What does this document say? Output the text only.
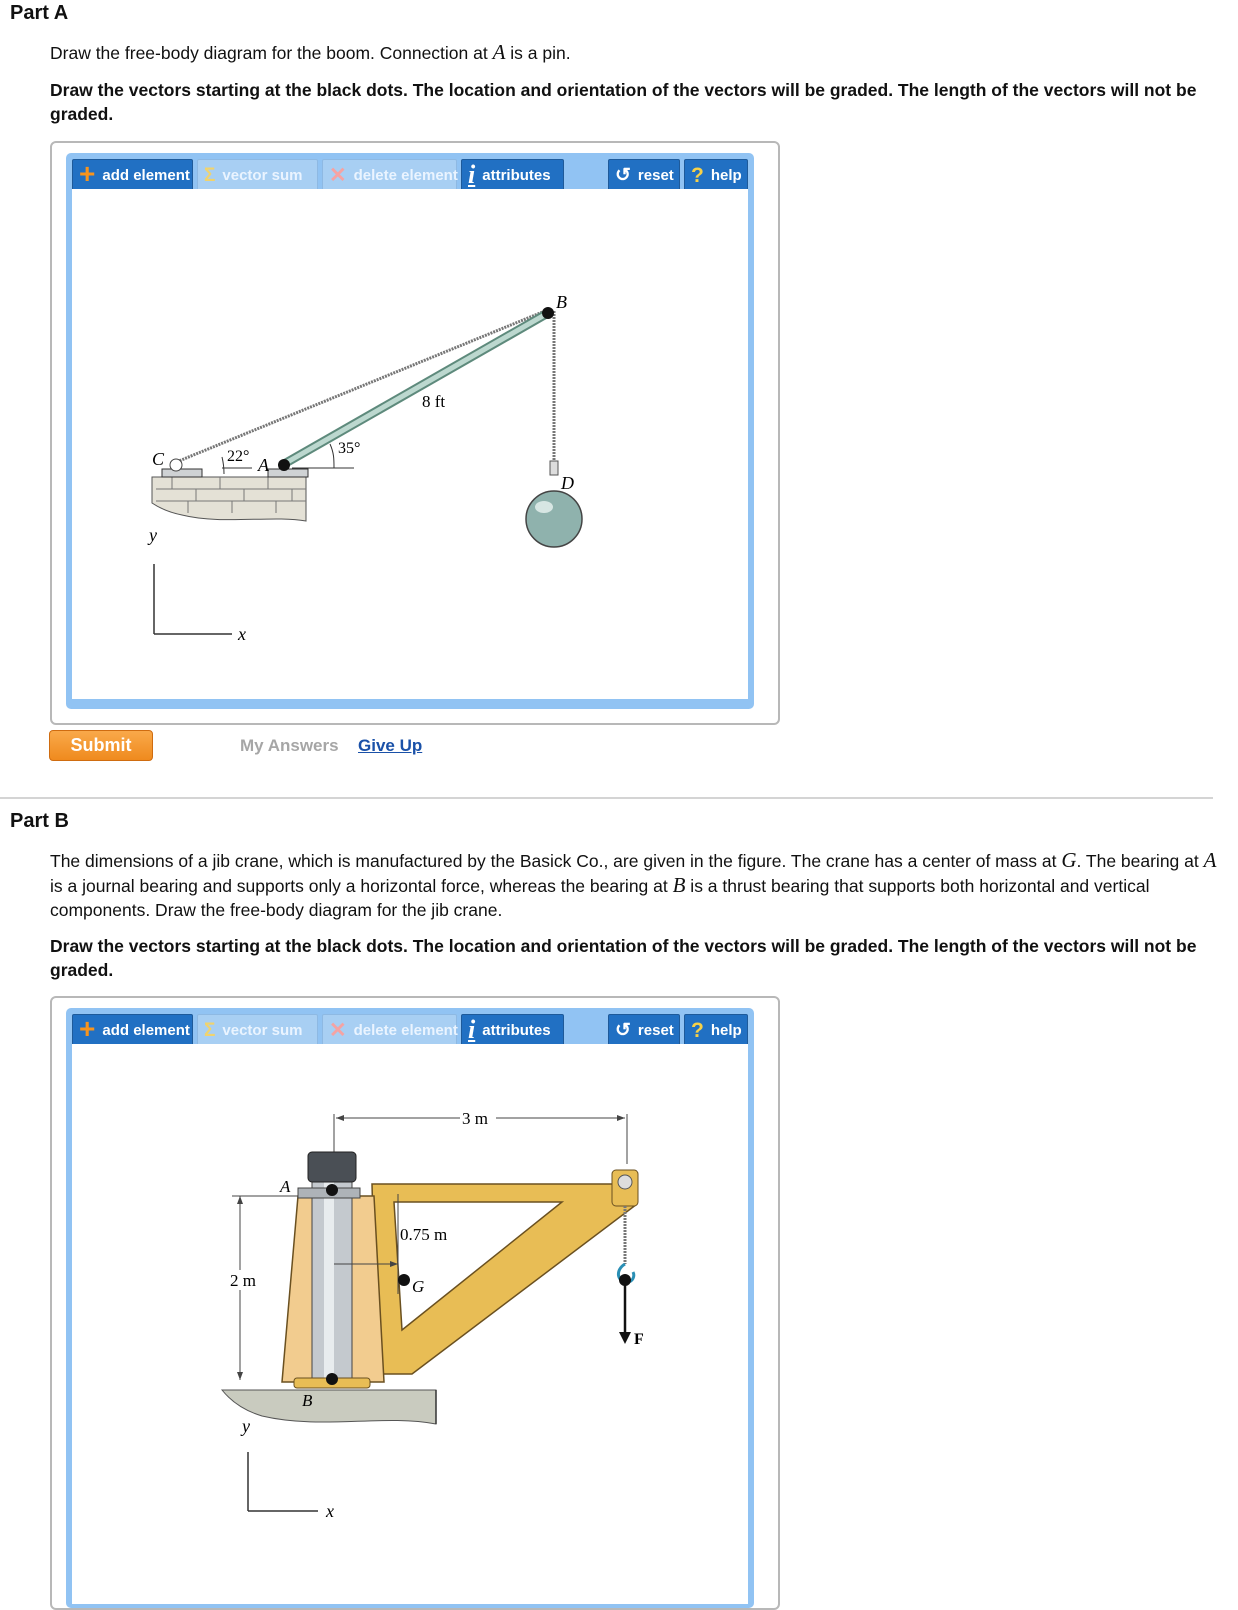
Part A

Draw the free-body diagram for the boom. Connection at A is a pin.

Draw the vectors starting at the black dots. The location and orientation of the vectors will be graded. The length of the vectors will not be graded.

+ add element Σ vector sum ✕ delete element i attributes	↺ reset ? help
B
C	A
D
22°	35°
8 ft
y
x
Submit	My Answers Give Up
Part B

The dimensions of a jib crane, which is manufactured by the Basick Co., are given in the figure. The crane has a center of mass at G. The bearing at A is a journal bearing and supports only a horizontal force, whereas the bearing at B is a thrust bearing that supports both horizontal and vertical components. Draw the free-body diagram for the jib crane.

Draw the vectors starting at the black dots. The location and orientation of the vectors will be graded. The length of the vectors will not be graded.

+ add element Σ vector sum ✕ delete element i attributes	↺ reset ? help
3 m
F
0.75 m
2 m
A
B
G
y
x
